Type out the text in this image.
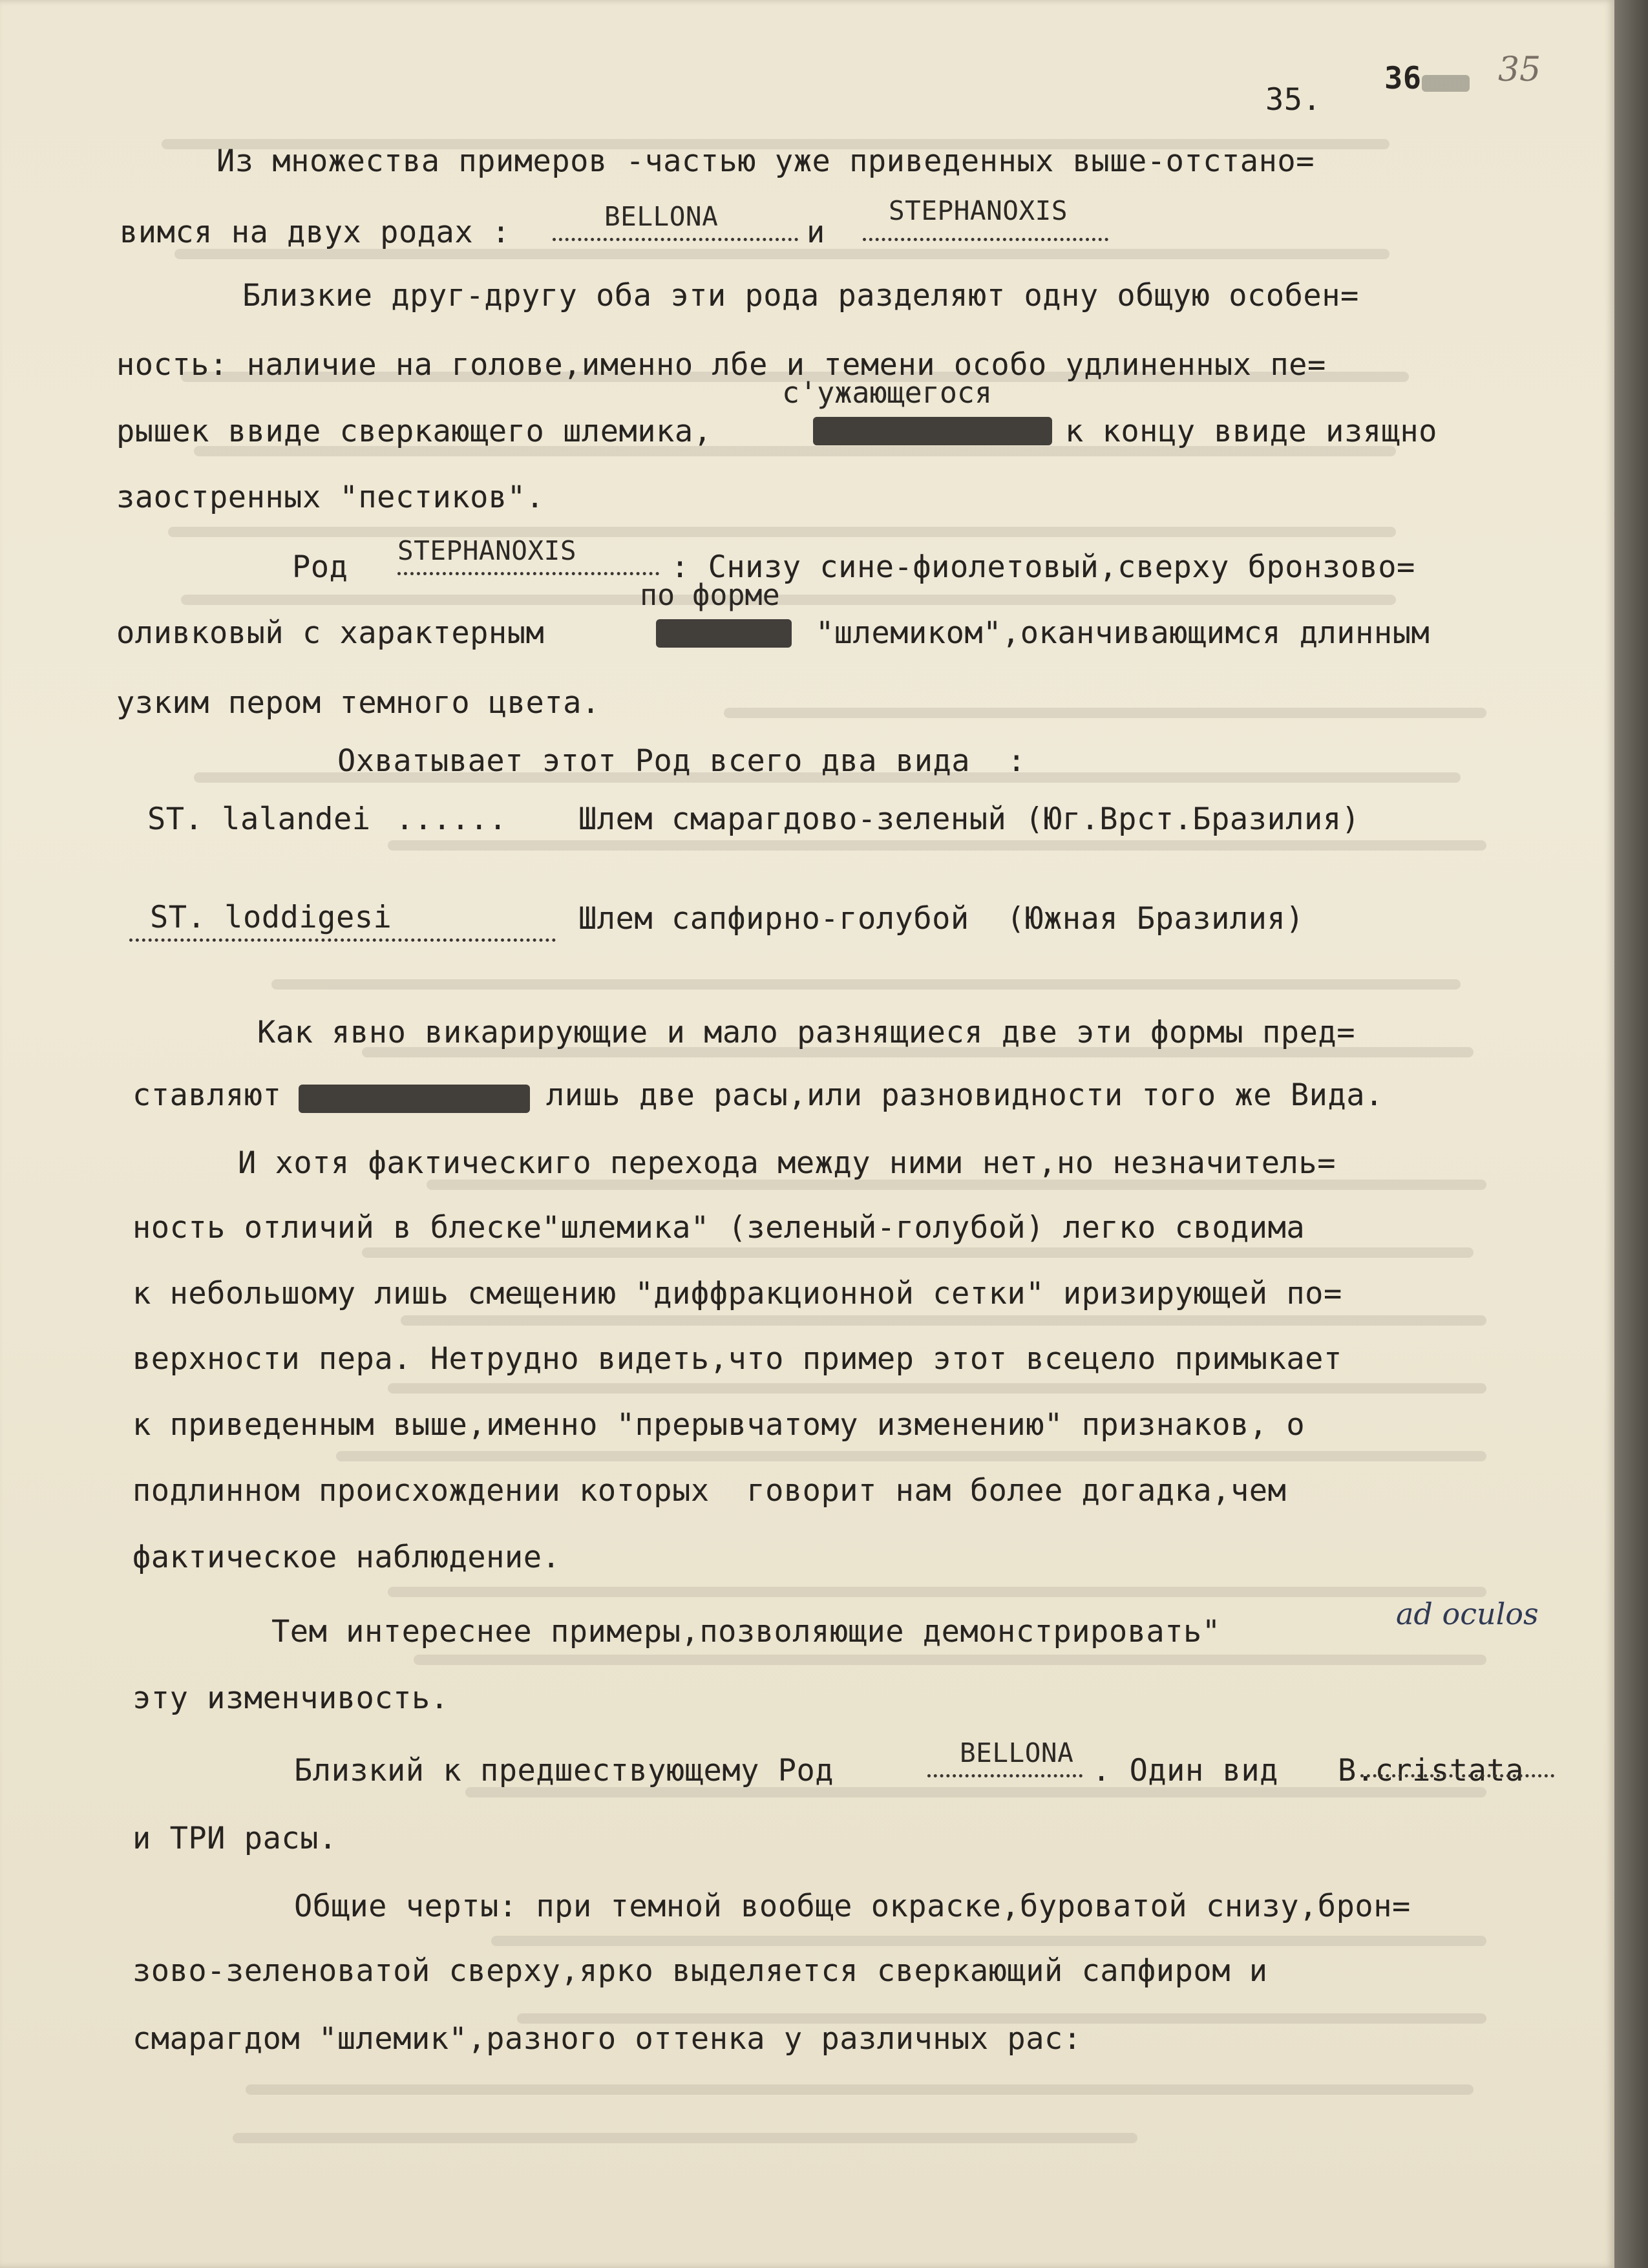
35.
36 35
Из множества примеров -частью уже приведенных выше-отстано=
вимся на двух родах :	BELLONA	и
STEPHANOXIS
Близкие друг-другу оба эти рода разделяют одну общую особен=
ность: наличие на голове,именно лбе и темени особо удлиненных пе=
с'ужающегося
рышек ввиде сверкающего шлемика,	к концу ввиде изящно
заостренных "пестиков".
Род STEPHANOXIS	: Снизу сине-фиолетовый,сверху бронзово=
по форме
оливковый с характерным	"шлемиком",оканчивающимся длинным
узким пером темного цвета.
Охватывает этот Род всего два вида  :
ST. lalandei ...... Шлем смарагдово-зеленый (Юг.Врст.Бразилия)
ST. loddigesi	Шлем сапфирно-голубой  (Южная Бразилия)
Как явно викарирующие и мало разнящиеся две эти формы пред=
ставляют	лишь две расы,или разновидности того же Вида.
И хотя фактическиго перехода между ними нет,но незначитель=
ность отличий в блеске"шлемика" (зеленый-голубой) легко сводима
к небольшому лишь смещению "диффракционной сетки" иризирующей по=
верхности пера. Нетрудно видеть,что пример этот всецело примыкает
к приведенным выше,именно "прерывчатому изменению" признаков, о
подлинном происхождении которых  говорит нам более догадка,чем
фактическое наблюдение.
Тем интереснее примеры,позволяющие демонстрировать"	ad oculos
эту изменчивость.
Близкий к предшествующему Род	BELLONA . Один вид B.cristata
и ТРИ расы.
Общие черты: при темной вообще окраске,буроватой снизу,брон=
зово-зеленоватой сверху,ярко выделяется сверкающий сапфиром и
смарагдом "шлемик",разного оттенка у различных рас:
